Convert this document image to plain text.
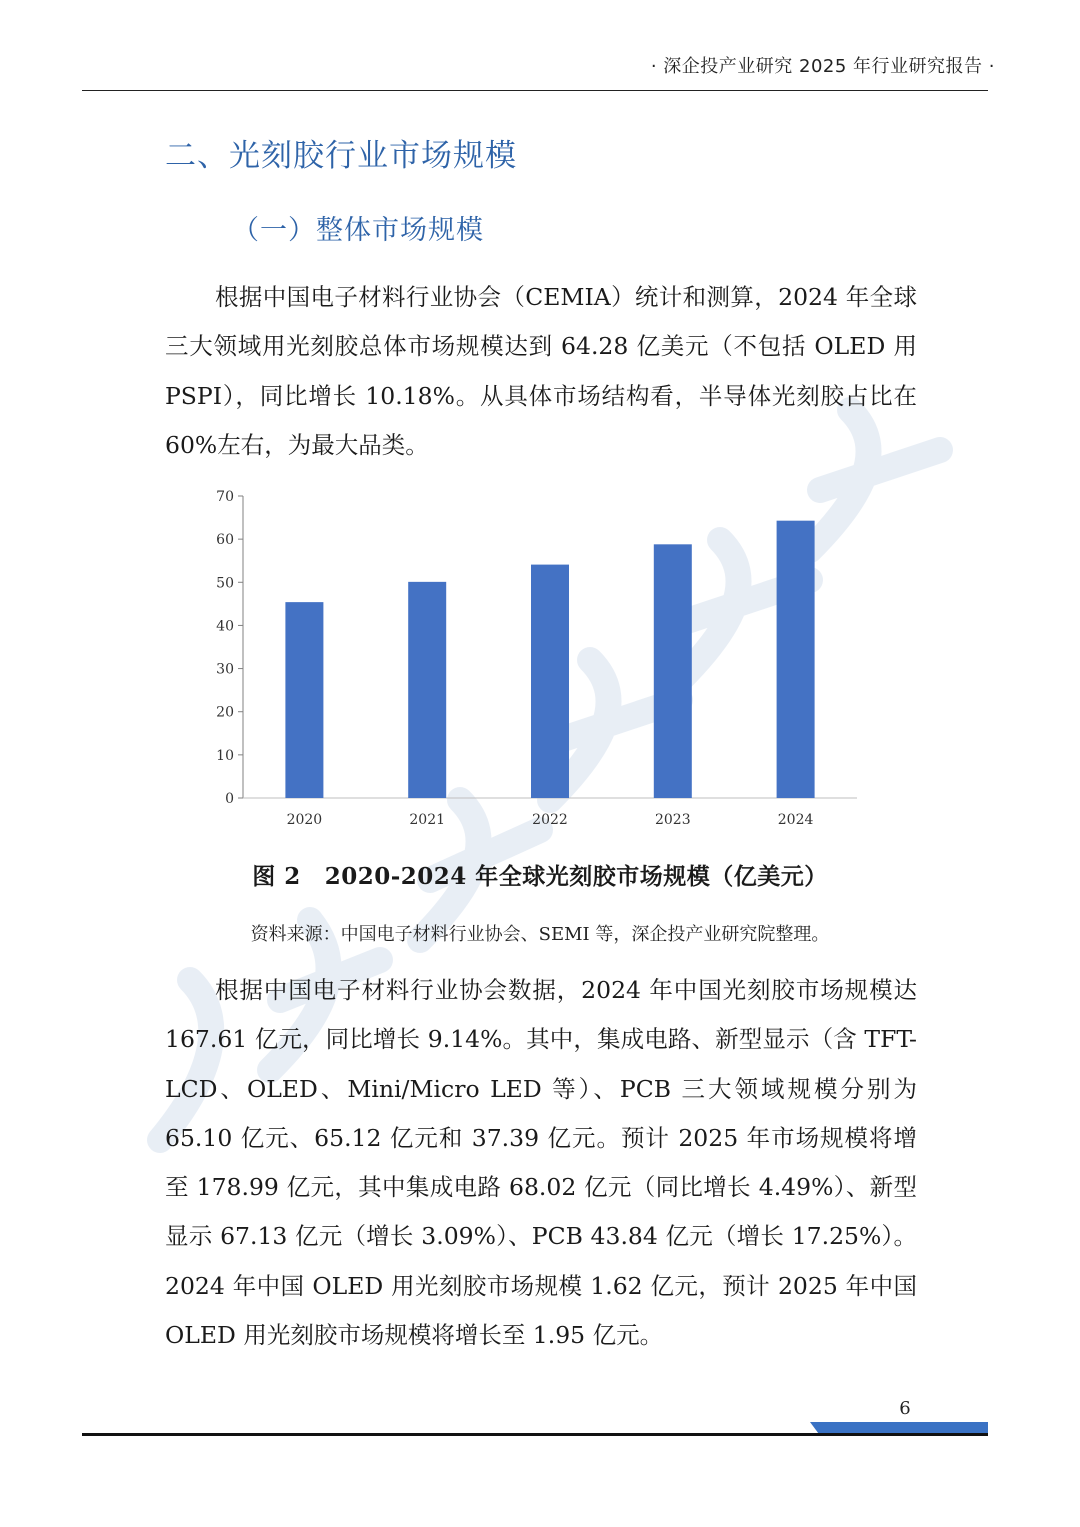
· 深企投产业研究 2025 年行业研究报告 ·
二、光刻胶行业市场规模
（一）整体市场规模

根据中国电子材料行业协会（CEMIA）统计和测算，2024 年全球三大领域用光刻胶总体市场规模达到 64.28 亿美元（不包括 OLED 用 PSPI），同比增长 10.18%。从具体市场结构看，半导体光刻胶占比在 60%左右，为最大品类。

0
10
20
30
40
50
60
70
2020	2021	2022	2023	2024
图 2 2020-2024 年全球光刻胶市场规模（亿美元）
资料来源：中国电子材料行业协会、SEMI 等，深企投产业研究院整理。

根据中国电子材料行业协会数据，2024 年中国光刻胶市场规模达 167.61 亿元，同比增长 9.14%。其中，集成电路、新型显示（含 TFT-LCD、OLED、Mini/Micro LED 等）、PCB 三大领域规模分别为 65.10 亿元、65.12 亿元和 37.39 亿元。预计 2025 年市场规模将增至 178.99 亿元，其中集成电路 68.02 亿元（同比增长 4.49%）、新型显示 67.13 亿元（增长 3.09%）、PCB 43.84 亿元（增长 17.25%）。2024 年中国 OLED 用光刻胶市场规模 1.62 亿元，预计 2025 年中国 OLED 用光刻胶市场规模将增长至 1.95 亿元。

6
